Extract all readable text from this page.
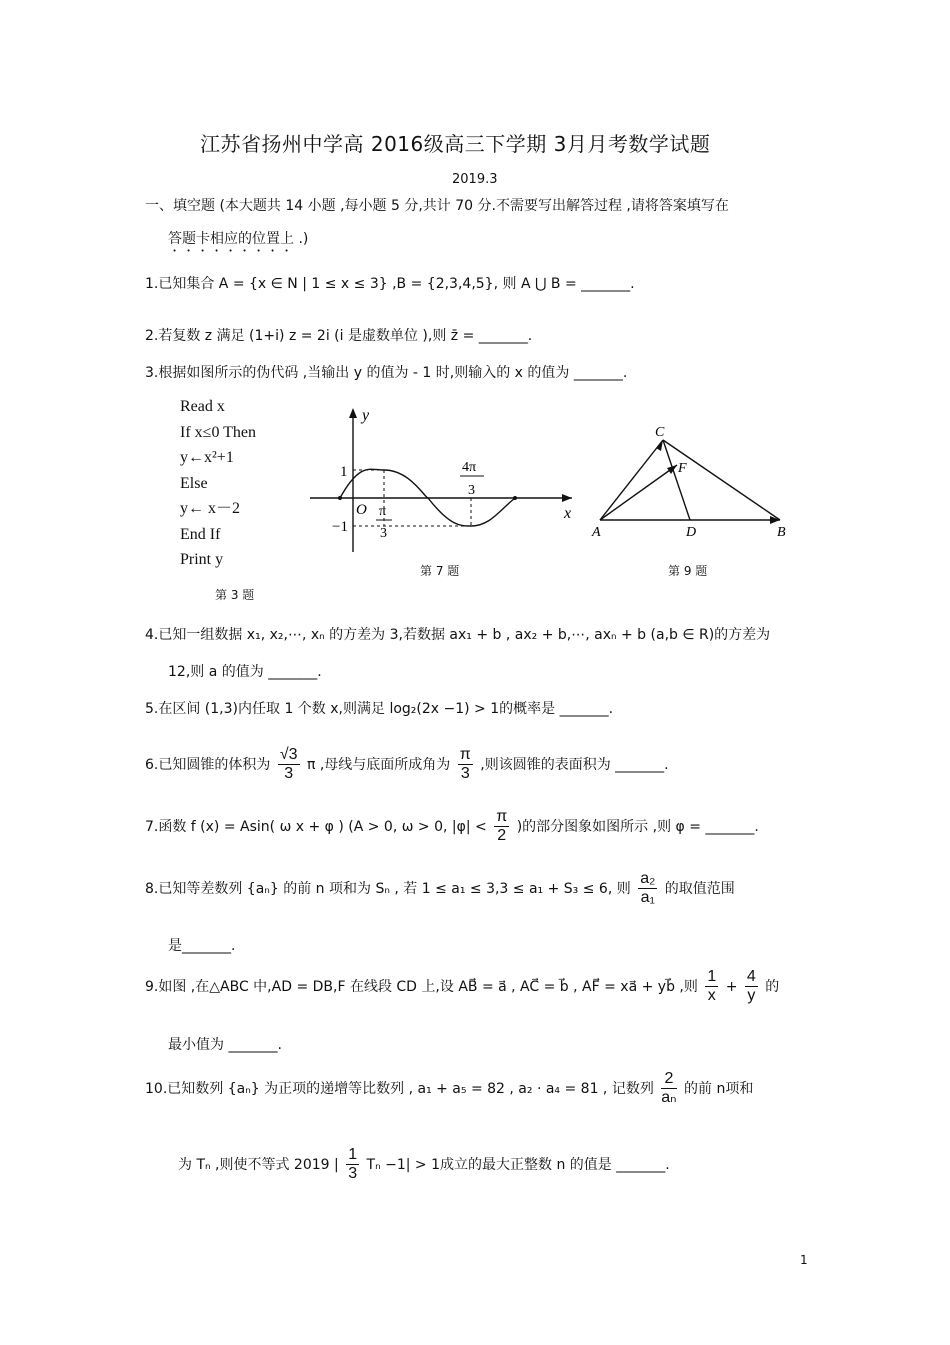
江苏省扬州中学高 2016级高三下学期 3月月考数学试题
2019.3
一、填空题 (本大题共 14 小题 ,每小题 5 分,共计 70 分.不需要写出解答过程 ,请将答案填写在
答题卡相应的位置上 .)
1.已知集合 A = {x ∈ N | 1 ≤ x ≤ 3} ,B = {2,3,4,5}, 则 A ⋃ B = _______.
2.若复数 z 满足 (1+i) z = 2i (i 是虚数单位 ),则 z̄ = _______.
3.根据如图所示的伪代码 ,当输出 y 的值为 - 1 时,则输入的 x 的值为 _______.
Read x
If x≤0 Then
y←x²+1
Else
y← x－2
End If
Print y
第 3 题
y
x
O
1
−1
π
3
4π
3
第 7 题
C
F
A	D	B
第 9 题
4.已知一组数据 x₁, x₂,⋯, xₙ 的方差为 3,若数据 ax₁ + b , ax₂ + b,⋯, axₙ + b (a,b ∈ R)的方差为
12,则 a 的值为 _______.
5.在区间 (1,3)内任取 1 个数 x,则满足 log₂(2x −1) > 1的概率是 _______.
6.已知圆锥的体积为 $\frac{√3}{3}$ π ,母线与底面所成角为 $\frac{\pi}{3}$ ,则该圆锥的表面积为 _______.
7.函数 f (x) = Asin( ω x + φ ) (A > 0, ω > 0, $|\varphi| < \frac{\pi}{2}$ )的部分图象如图所示 ,则 φ = _______.
8.已知等差数列 {aₙ} 的前 n 项和为 Sₙ , 若 1 ≤ a₁ ≤ 3,3 ≤ a₁ + S₃ ≤ 6, 则 $\frac{\text{a₂}}{\text{a₁}}$ 的取值范围
是_______.
9.如图 ,在△ABC 中,AD = DB,F 在线段 CD 上,设 AB⃗ = a⃗ , AC⃗ = b⃗ , AF⃗ = xa⃗ + yb⃗ ,则 $\frac{1}{x} + \frac{4}{y}$ 的
最小值为 _______.
10.已知数列 {aₙ} 为正项的递增等比数列 , a₁ + a₅ = 82 , a₂ · a₄ = 81 , 记数列 $\frac{2}{\text{aₙ}}$ 的前 n项和
为 Tₙ ,则使不等式 2019 | $\frac{1}{3}$ Tₙ −1| > 1成立的最大正整数 n 的值是 _______.
1
